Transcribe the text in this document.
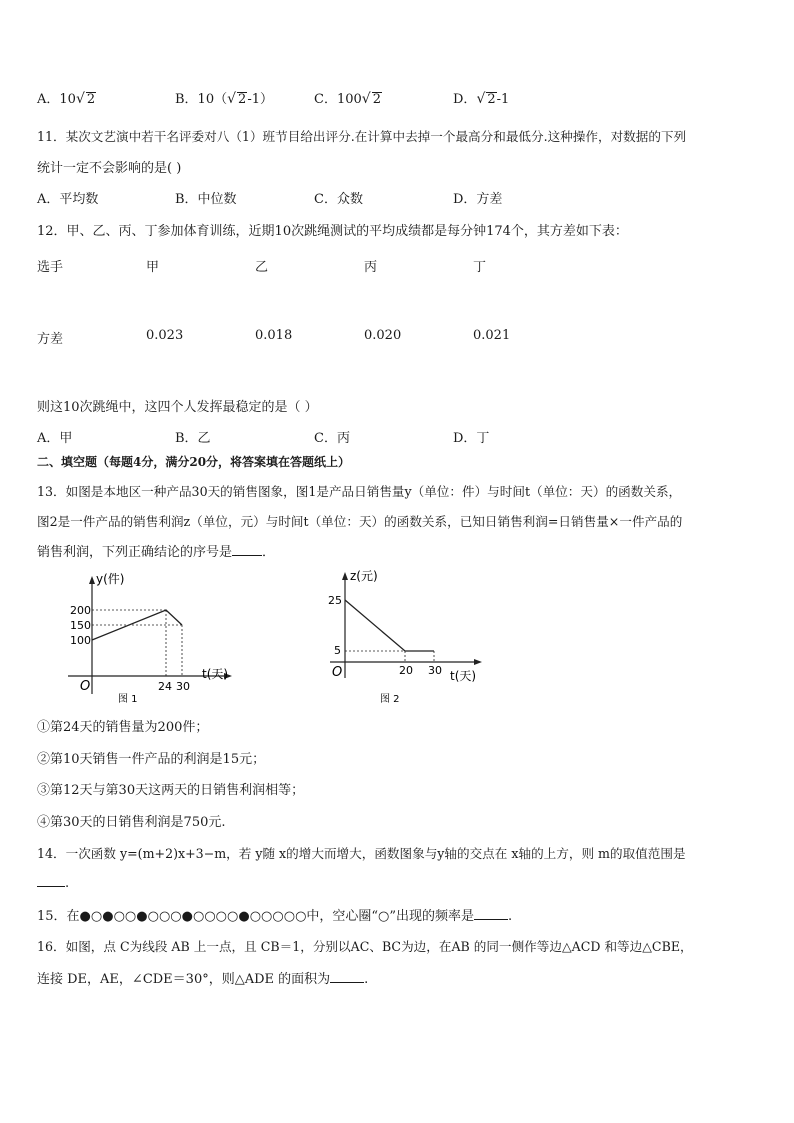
A．10√ 2	B．10（√ 2-1）	C．100√ 2	D．√ 2-1
11．某次文艺演中若干名评委对八（1）班节目给出评分.在计算中去掉一个最高分和最低分.这种操作，对数据的下列
统计一定不会影响的是( )
A．平均数	B．中位数	C．众数	D．方差
12．甲、乙、丙、丁参加体育训练，近期10次跳绳测试的平均成绩都是每分钟174个，其方差如下表：
选手	甲	乙	丙	丁
方差	0.023	0.018	0.020	0.021
则这10次跳绳中，这四个人发挥最稳定的是（ ）
A．甲	B．乙	C．丙	D．丁
二、填空题（每题4分，满分20分，将答案填在答题纸上）
13．如图是本地区一种产品30天的销售图象，图1是产品日销售量y（单位：件）与时间t（单位：天）的函数关系，
图2是一件产品的销售利润z（单位，元）与时间t（单位：天）的函数关系，已知日销售利润=日销售量×一件产品的
销售利润，下列正确结论的序号是 ．
y(件)
t(天)
O
200
150
100
24 30
图 1
z(元)
t(天)
O
25
5
20 30
图 2
①第24天的销售量为200件；
②第10天销售一件产品的利润是15元；
③第12天与第30天这两天的日销售利润相等；
④第30天的日销售利润是750元.
14．一次函数 y=(m+2)x+3−m，若 y随 x的增大而增大，函数图象与y轴的交点在 x轴的上方，则 m的取值范围是
.
15．在●○●○○●○○○●○○○○●○○○○○中，空心圈“○”出现的频率是	.
16．如图，点 C为线段 AB 上一点，且 CB＝1，分别以AC、BC为边，在AB 的同一侧作等边△ACD 和等边△CBE，
连接 DE，AE，∠CDE＝30°，则△ADE 的面积为	.
